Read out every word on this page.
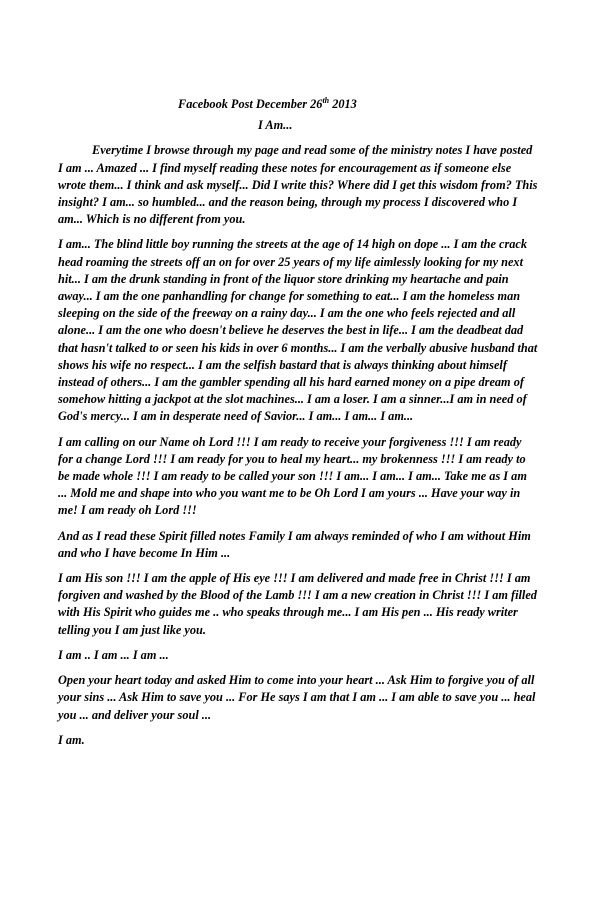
Facebook Post December 26th 2013
I Am...

Everytime I browse through my page and read some of the ministry notes I have posted I am ... Amazed ... I find myself reading these notes for encouragement as if someone else wrote them... I think and ask myself... Did I write this? Where did I get this wisdom from? This insight? I am... so humbled... and the reason being, through my process I discovered who I am... Which is no different from you.

I am... The blind little boy running the streets at the age of 14 high on dope ... I am the crack head roaming the streets off an on for over 25 years of my life aimlessly looking for my next hit... I am the drunk standing in front of the liquor store drinking my heartache and pain away... I am the one panhandling for change for something to eat... I am the homeless man sleeping on the side of the freeway on a rainy day... I am the one who feels rejected and all alone... I am the one who doesn't believe he deserves the best in life... I am the deadbeat dad that hasn't talked to or seen his kids in over 6 months... I am the verbally abusive husband that shows his wife no respect... I am the selfish bastard that is always thinking about himself instead of others... I am the gambler spending all his hard earned money on a pipe dream of somehow hitting a jackpot at the slot machines... I am a loser. I am a sinner...I am in need of God's mercy... I am in desperate need of Savior... I am... I am... I am...

I am calling on our Name oh Lord !!! I am ready to receive your forgiveness !!! I am ready for a change Lord !!! I am ready for you to heal my heart... my brokenness !!! I am ready to be made whole !!! I am ready to be called your son !!! I am... I am... I am... Take me as I am ... Mold me and shape into who you want me to be Oh Lord I am yours ... Have your way in me! I am ready oh Lord !!!

And as I read these Spirit filled notes Family I am always reminded of who I am without Him and who I have become In Him ...

I am His son !!! I am the apple of His eye !!! I am delivered and made free in Christ !!! I am forgiven and washed by the Blood of the Lamb !!! I am a new creation in Christ !!! I am filled with His Spirit who guides me .. who speaks through me... I am His pen ... His ready writer telling you I am just like you.

I am .. I am ... I am ...

Open your heart today and asked Him to come into your heart ... Ask Him to forgive you of all your sins ... Ask Him to save you ... For He says I am that I am ... I am able to save you ... heal you ... and deliver your soul ...

I am.
